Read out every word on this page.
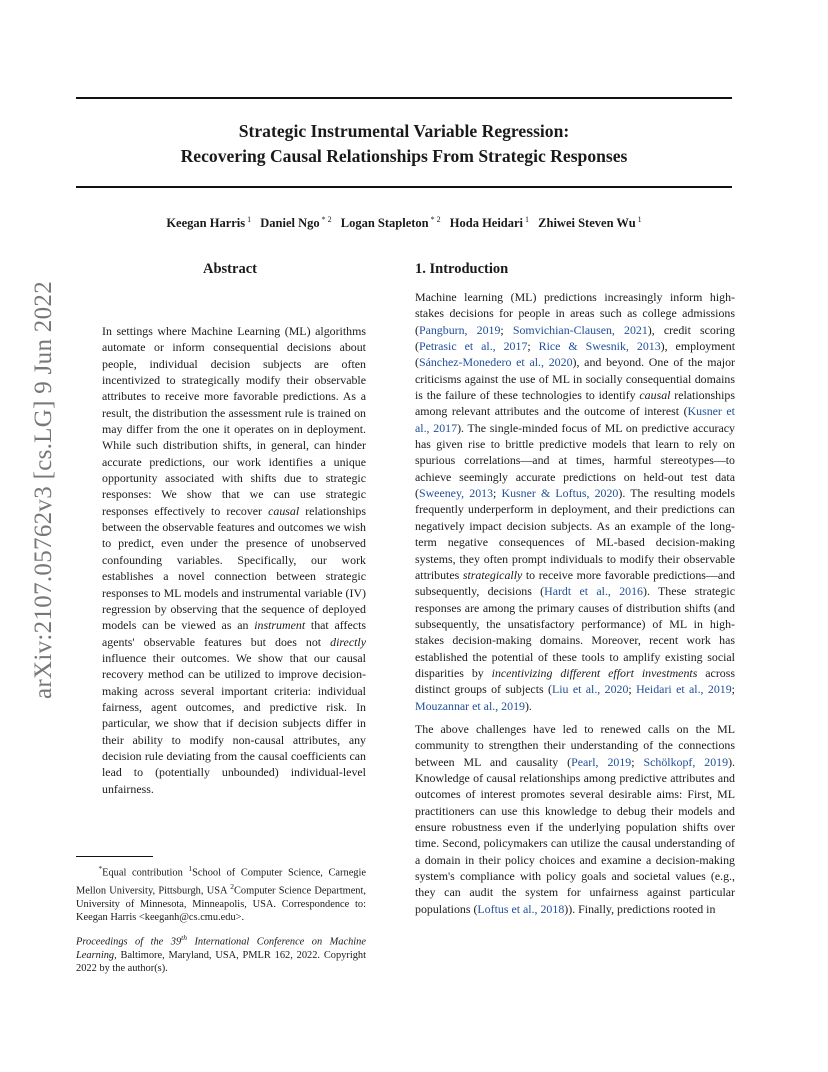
Strategic Instrumental Variable Regression:
Recovering Causal Relationships From Strategic Responses
Keegan Harris $^1$ Daniel Ngo $^{* 2}$ Logan Stapleton $^{* 2}$ Hoda Heidari $^1$ Zhiwei Steven Wu $^1$
arXiv:2107.05762v3 [cs.LG] 9 Jun 2022
Abstract

In settings where Machine Learning (ML) algorithms automate or inform consequential decisions about people, individual decision subjects are often incentivized to strategically modify their observable attributes to receive more favorable predictions. As a result, the distribution the assessment rule is trained on may differ from the one it operates on in deployment. While such distribution shifts, in general, can hinder accurate predictions, our work identifies a unique opportunity associated with shifts due to strategic responses: We show that we can use strategic responses effectively to recover causal relationships between the observable features and outcomes we wish to predict, even under the presence of unobserved confounding variables. Specifically, our work establishes a novel connection between strategic responses to ML models and instrumental variable (IV) regression by observing that the sequence of deployed models can be viewed as an instrument that affects agents' observable features but does not directly influence their outcomes. We show that our causal recovery method can be utilized to improve decision-making across several important criteria: individual fairness, agent outcomes, and predictive risk. In particular, we show that if decision subjects differ in their ability to modify non-causal attributes, any decision rule deviating from the causal coefficients can lead to (potentially unbounded) individual-level unfairness.

*Equal contribution $^1$School of Computer Science, Carnegie Mellon University, Pittsburgh, USA $^2$Computer Science Department, University of Minnesota, Minneapolis, USA. Correspondence to: Keegan Harris <keeganh@cs.cmu.edu>.

Proceedings of the 39th International Conference on Machine Learning, Baltimore, Maryland, USA, PMLR 162, 2022. Copyright 2022 by the author(s).

1. Introduction

Machine learning (ML) predictions increasingly inform high-stakes decisions for people in areas such as college admissions (Pangburn, 2019; Somvichian-Clausen, 2021), credit scoring (Petrasic et al., 2017; Rice & Swesnik, 2013), employment (Sánchez-Monedero et al., 2020), and beyond. One of the major criticisms against the use of ML in socially consequential domains is the failure of these technologies to identify causal relationships among relevant attributes and the outcome of interest (Kusner et al., 2017). The single-minded focus of ML on predictive accuracy has given rise to brittle predictive models that learn to rely on spurious correlations—and at times, harmful stereotypes—to achieve seemingly accurate predictions on held-out test data (Sweeney, 2013; Kusner & Loftus, 2020). The resulting models frequently underperform in deployment, and their predictions can negatively impact decision subjects. As an example of the long-term negative consequences of ML-based decision-making systems, they often prompt individuals to modify their observable attributes strategically to receive more favorable predictions—and subsequently, decisions (Hardt et al., 2016). These strategic responses are among the primary causes of distribution shifts (and subsequently, the unsatisfactory performance) of ML in high-stakes decision-making domains. Moreover, recent work has established the potential of these tools to amplify existing social disparities by incentivizing different effort investments across distinct groups of subjects (Liu et al., 2020; Heidari et al., 2019; Mouzannar et al., 2019).

The above challenges have led to renewed calls on the ML community to strengthen their understanding of the connections between ML and causality (Pearl, 2019; Schölkopf, 2019). Knowledge of causal relationships among predictive attributes and outcomes of interest promotes several desirable aims: First, ML practitioners can use this knowledge to debug their models and ensure robustness even if the underlying population shifts over time. Second, policymakers can utilize the causal understanding of a domain in their policy choices and examine a decision-making system's compliance with policy goals and societal values (e.g., they can audit the system for unfairness against particular populations (Loftus et al., 2018)). Finally, predictions rooted in
